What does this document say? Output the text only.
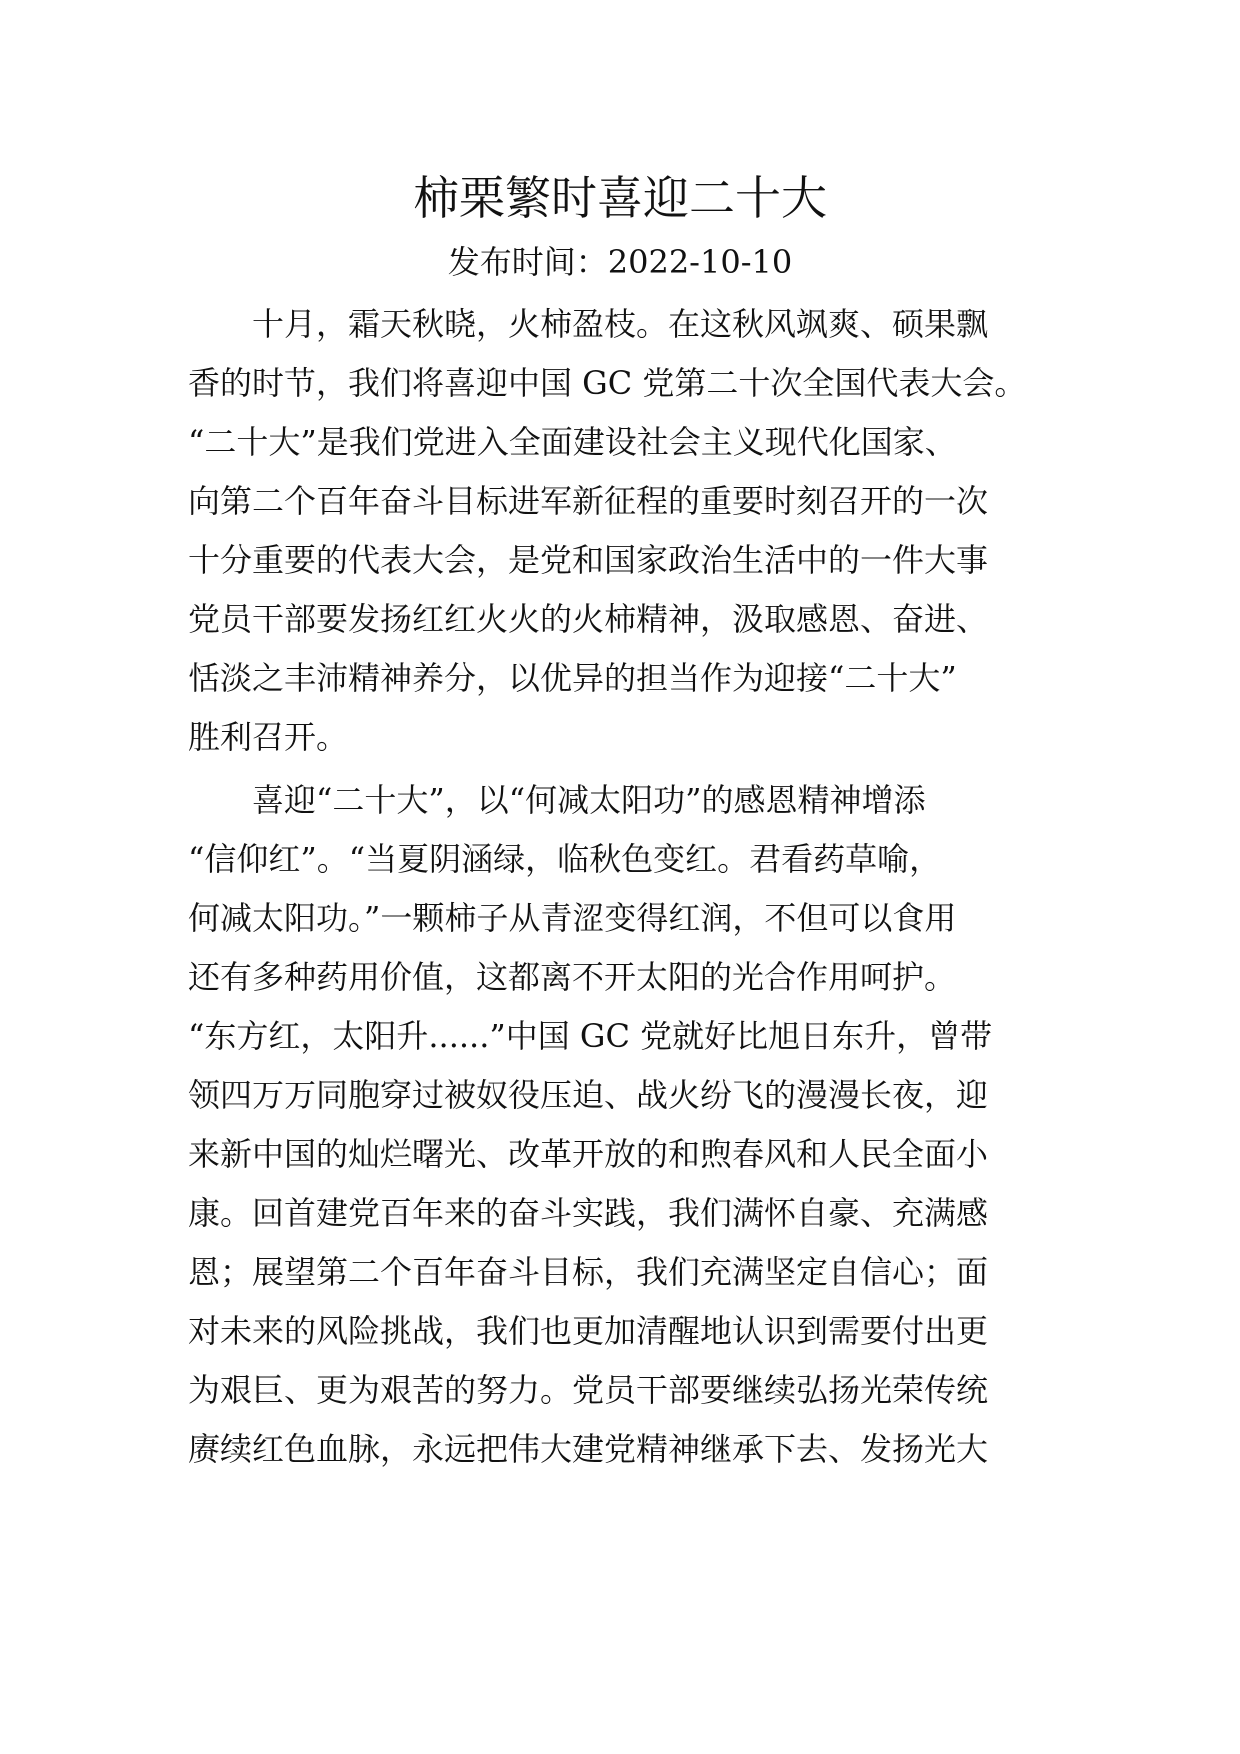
柿栗繁时喜迎二十大
发布时间：2022-10-10
　　十月，霜天秋晓，火柿盈枝。在这秋风飒爽、硕果飘
香的时节，我们将喜迎中国 GC 党第二十次全国代表大会。
“二十大”是我们党进入全面建设社会主义现代化国家、
向第二个百年奋斗目标进军新征程的重要时刻召开的一次
十分重要的代表大会，是党和国家政治生活中的一件大事
党员干部要发扬红红火火的火柿精神，汲取感恩、奋进、
恬淡之丰沛精神养分，以优异的担当作为迎接“二十大”
胜利召开。
　　喜迎“二十大”，以“何减太阳功”的感恩精神增添
“信仰红”。“当夏阴涵绿，临秋色变红。君看药草喻，
何减太阳功。”一颗柿子从青涩变得红润，不但可以食用
还有多种药用价值，这都离不开太阳的光合作用呵护。
“东方红，太阳升......”中国 GC 党就好比旭日东升，曾带
领四万万同胞穿过被奴役压迫、战火纷飞的漫漫长夜，迎
来新中国的灿烂曙光、改革开放的和煦春风和人民全面小
康。回首建党百年来的奋斗实践，我们满怀自豪、充满感
恩；展望第二个百年奋斗目标，我们充满坚定自信心；面
对未来的风险挑战，我们也更加清醒地认识到需要付出更
为艰巨、更为艰苦的努力。党员干部要继续弘扬光荣传统
赓续红色血脉，永远把伟大建党精神继承下去、发扬光大
